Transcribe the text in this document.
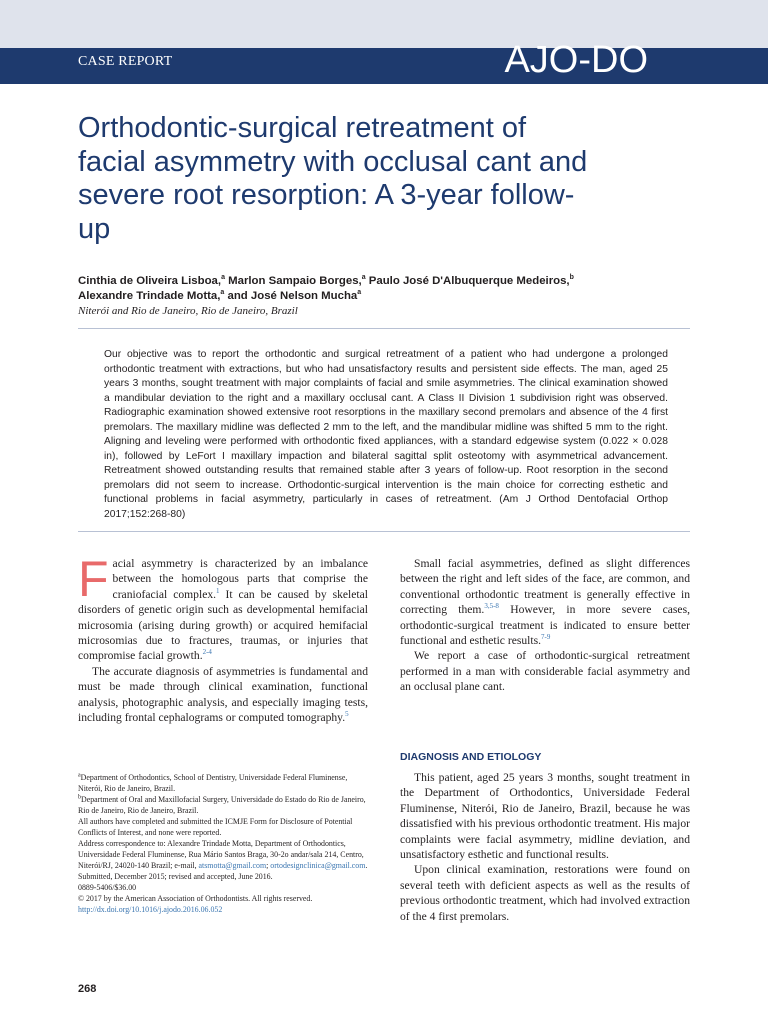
CASE REPORT	AJO-DO
Orthodontic-surgical retreatment of facial asymmetry with occlusal cant and severe root resorption: A 3-year follow-up
Cinthia de Oliveira Lisboa,$^a$ Marlon Sampaio Borges,$^a$ Paulo José D'Albuquerque Medeiros,$^b$
Alexandre Trindade Motta,$^a$ and José Nelson Mucha$^a$
Niterói and Rio de Janeiro, Rio de Janeiro, Brazil
Our objective was to report the orthodontic and surgical retreatment of a patient who had undergone a prolonged orthodontic treatment with extractions, but who had unsatisfactory results and persistent side effects. The man, aged 25 years 3 months, sought treatment with major complaints of facial and smile asymmetries. The clinical examination showed a mandibular deviation to the right and a maxillary occlusal cant. A Class II Division 1 subdivision right was observed. Radiographic examination showed extensive root resorptions in the maxillary second premolars and absence of the 4 first premolars. The maxillary midline was deflected 2 mm to the left, and the mandibular midline was shifted 5 mm to the right. Aligning and leveling were performed with orthodontic fixed appliances, with a standard edgewise system (0.022 × 0.028 in), followed by LeFort I maxillary impaction and bilateral sagittal split osteotomy with asymmetrical advancement. Retreatment showed outstanding results that remained stable after 3 years of follow-up. Root resorption in the second premolars did not seem to increase. Orthodontic-surgical intervention is the main choice for correcting esthetic and functional problems in facial asymmetry, particularly in cases of retreatment. (Am J Orthod Dentofacial Orthop 2017;152:268-80)

Facial asymmetry is characterized by an imbalance between the homologous parts that comprise the craniofacial complex.$^1$ It can be caused by skeletal disorders of genetic origin such as developmental hemifacial microsomia (arising during growth) or acquired hemifacial microsomias due to fractures, traumas, or injuries that compromise facial growth.$^{2-4}$

The accurate diagnosis of asymmetries is fundamental and must be made through clinical examination, functional analysis, photographic analysis, and especially imaging tests, including frontal cephalograms or computed tomography.$^5$

Small facial asymmetries, defined as slight differences between the right and left sides of the face, are common, and conventional orthodontic treatment is generally effective in correcting them.$^{3,5-8}$ However, in more severe cases, orthodontic-surgical treatment is indicated to ensure better functional and esthetic results.$^{7-9}$

We report a case of orthodontic-surgical retreatment performed in a man with considerable facial asymmetry and an occlusal plane cant.

DIAGNOSIS AND ETIOLOGY

This patient, aged 25 years 3 months, sought treatment in the Department of Orthodontics, Universidade Federal Fluminense, Niterói, Rio de Janeiro, Brazil, because he was dissatisfied with his previous orthodontic treatment. His major complaints were facial asymmetry, midline deviation, and unsatisfactory esthetic and functional results.

Upon clinical examination, restorations were found on several teeth with deficient aspects as well as the results of previous orthodontic treatment, which had involved extraction of the 4 first premolars.

$^a$Department of Orthodontics, School of Dentistry, Universidade Federal Fluminense, Niterói, Rio de Janeiro, Brazil.

$^b$Department of Oral and Maxillofacial Surgery, Universidade do Estado do Rio de Janeiro, Rio de Janeiro, Rio de Janeiro, Brazil.

All authors have completed and submitted the ICMJE Form for Disclosure of Potential Conflicts of Interest, and none were reported.

Address correspondence to: Alexandre Trindade Motta, Department of Orthodontics, Universidade Federal Fluminense, Rua Mário Santos Braga, 30-2o andar/sala 214, Centro, Niterói/RJ, 24020-140 Brazil; e-mail, atsmotta@gmail.com; ortodesignclinica@gmail.com.

Submitted, December 2015; revised and accepted, June 2016.

0889-5406/$36.00

© 2017 by the American Association of Orthodontists. All rights reserved.

http://dx.doi.org/10.1016/j.ajodo.2016.06.052

268
